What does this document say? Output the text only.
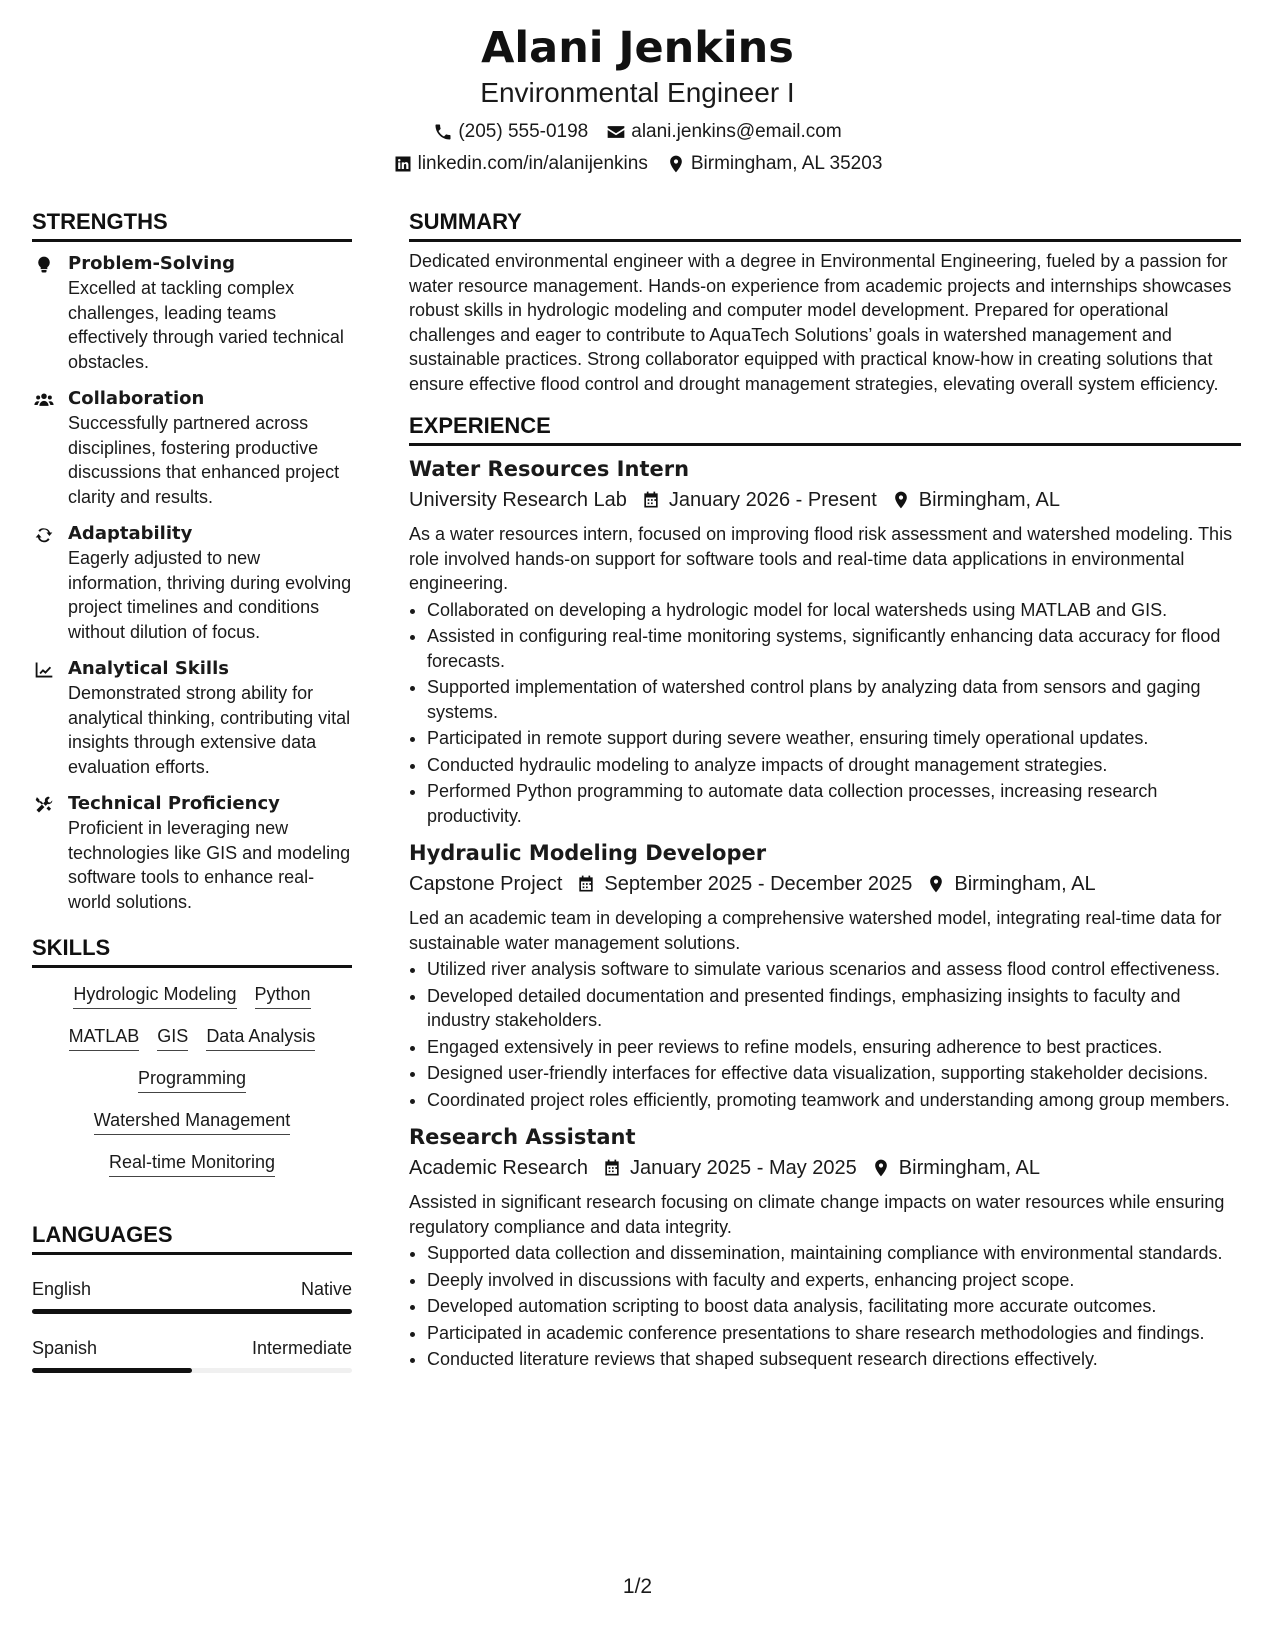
Alani Jenkins
Environmental Engineer I
(205) 555-0198 alani.jenkins@email.com
linkedin.com/in/alanijenkins Birmingham, AL 35203
STRENGTHS
Problem-Solving
Excelled at tackling complex challenges, leading teams effectively through varied technical obstacles.
Collaboration
Successfully partnered across disciplines, fostering productive discussions that enhanced project clarity and results.
Adaptability
Eagerly adjusted to new information, thriving during evolving project timelines and conditions without dilution of focus.
Analytical Skills
Demonstrated strong ability for analytical thinking, contributing vital insights through extensive data evaluation efforts.
Technical Proficiency
Proficient in leveraging new technologies like GIS and modeling software tools to enhance real-world solutions.
SKILLS
Hydrologic Modeling Python
MATLAB GIS Data Analysis
Programming
Watershed Management
Real-time Monitoring
LANGUAGES
English	Native
Spanish	Intermediate
SUMMARY
Dedicated environmental engineer with a degree in Environmental Engineering, fueled by a passion for water resource management. Hands-on experience from academic projects and internships showcases robust skills in hydrologic modeling and computer model development. Prepared for operational challenges and eager to contribute to AquaTech Solutions’ goals in watershed management and sustainable practices. Strong collaborator equipped with practical know-how in creating solutions that ensure effective flood control and drought management strategies, elevating overall system efficiency.
EXPERIENCE
Water Resources Intern
University Research Lab January 2026 - Present Birmingham, AL
As a water resources intern, focused on improving flood risk assessment and watershed modeling. This role involved hands-on support for software tools and real-time data applications in environmental engineering.
• Collaborated on developing a hydrologic model for local watersheds using MATLAB and GIS.
• Assisted in configuring real-time monitoring systems, significantly enhancing data accuracy for flood forecasts.
• Supported implementation of watershed control plans by analyzing data from sensors and gaging systems.
• Participated in remote support during severe weather, ensuring timely operational updates.
• Conducted hydraulic modeling to analyze impacts of drought management strategies.
• Performed Python programming to automate data collection processes, increasing research productivity.
Hydraulic Modeling Developer
Capstone Project September 2025 - December 2025 Birmingham, AL
Led an academic team in developing a comprehensive watershed model, integrating real-time data for sustainable water management solutions.
• Utilized river analysis software to simulate various scenarios and assess flood control effectiveness.
• Developed detailed documentation and presented findings, emphasizing insights to faculty and industry stakeholders.
• Engaged extensively in peer reviews to refine models, ensuring adherence to best practices.
• Designed user-friendly interfaces for effective data visualization, supporting stakeholder decisions.
• Coordinated project roles efficiently, promoting teamwork and understanding among group members.
Research Assistant
Academic Research January 2025 - May 2025 Birmingham, AL
Assisted in significant research focusing on climate change impacts on water resources while ensuring regulatory compliance and data integrity.
• Supported data collection and dissemination, maintaining compliance with environmental standards.
• Deeply involved in discussions with faculty and experts, enhancing project scope.
• Developed automation scripting to boost data analysis, facilitating more accurate outcomes.
• Participated in academic conference presentations to share research methodologies and findings.
• Conducted literature reviews that shaped subsequent research directions effectively.
1/2
